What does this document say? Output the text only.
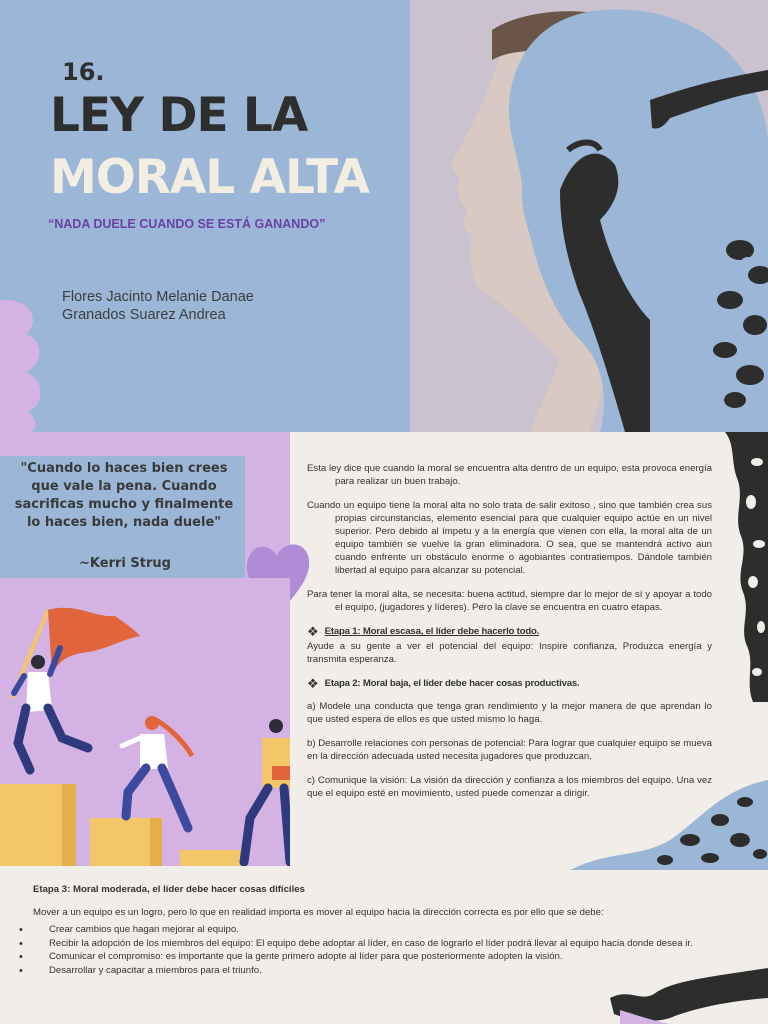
16.
LEY DE LA
MORAL ALTA
“NADA DUELE CUANDO SE ESTÁ GANANDO”
Flores Jacinto Melanie Danae
Granados Suarez Andrea
"Cuando lo haces bien crees que vale la pena. Cuando sacrificas mucho y finalmente lo haces bien, nada duele"
~Kerri Strug

Esta ley dice que cuando la moral se encuentra alta dentro de un equipo, esta provoca energía para realizar un buen trabajo.

Cuando un equipo tiene la moral alta no solo trata de salir exitoso , sino que también crea sus propias circunstancias, elemento esencial para que cualquier equipo actúe en un nivel superior. Pero debido al ímpetu y a la energía que vienen con ella, la moral alta de un equipo también se vuelve la gran eliminadora. O sea, que se mantendrá activo aun cuando enfrente un obstáculo enorme o agobiantes contratiempos. Dándole también libertad al equipo para alcanzar su potencial.

Para tener la moral alta, se necesita: buena actitud, siempre dar lo mejor de sí y apoyar a todo el equipo, (jugadores y líderes). Pero la clave se encuentra en cuatro etapas.

❖ Etapa 1: Moral escasa, el líder debe hacerlo todo.

Ayude a su gente a ver el potencial del equipo: Inspire confianza, Produzca energía y transmita esperanza.

❖ Etapa 2: Moral baja, el líder debe hacer cosas productivas.

a) Modele una conducta que tenga gran rendimiento y la mejor manera de que aprendan lo que usted espera de ellos es que usted mismo lo haga.

b) Desarrolle relaciones con personas de potencial: Para lograr que cualquier equipo se mueva en la dirección adecuada usted necesita jugadores que produzcan.

c) Comunique la visión: La visión da dirección y confianza a los miembros del equipo. Una vez que el equipo esté en movimiento, usted puede comenzar a dirigir.

Etapa 3: Moral moderada, el líder debe hacer cosas difíciles
Mover a un equipo es un logro, pero lo que en realidad importa es mover al equipo hacia la dirección correcta es por ello que se debe:
• Crear cambios que hagan mejorar al equipo.
• Recibir la adopción de los miembros del equipo: El equipo debe adoptar al líder, en caso de lograrlo el líder podrá llevar al equipo hacia donde desea ir.
• Comunicar el compromiso: es importante que la gente primero adopte al líder para que posteriormente adopten la visión.
• Desarrollar y capacitar a miembros para el triunfo.
